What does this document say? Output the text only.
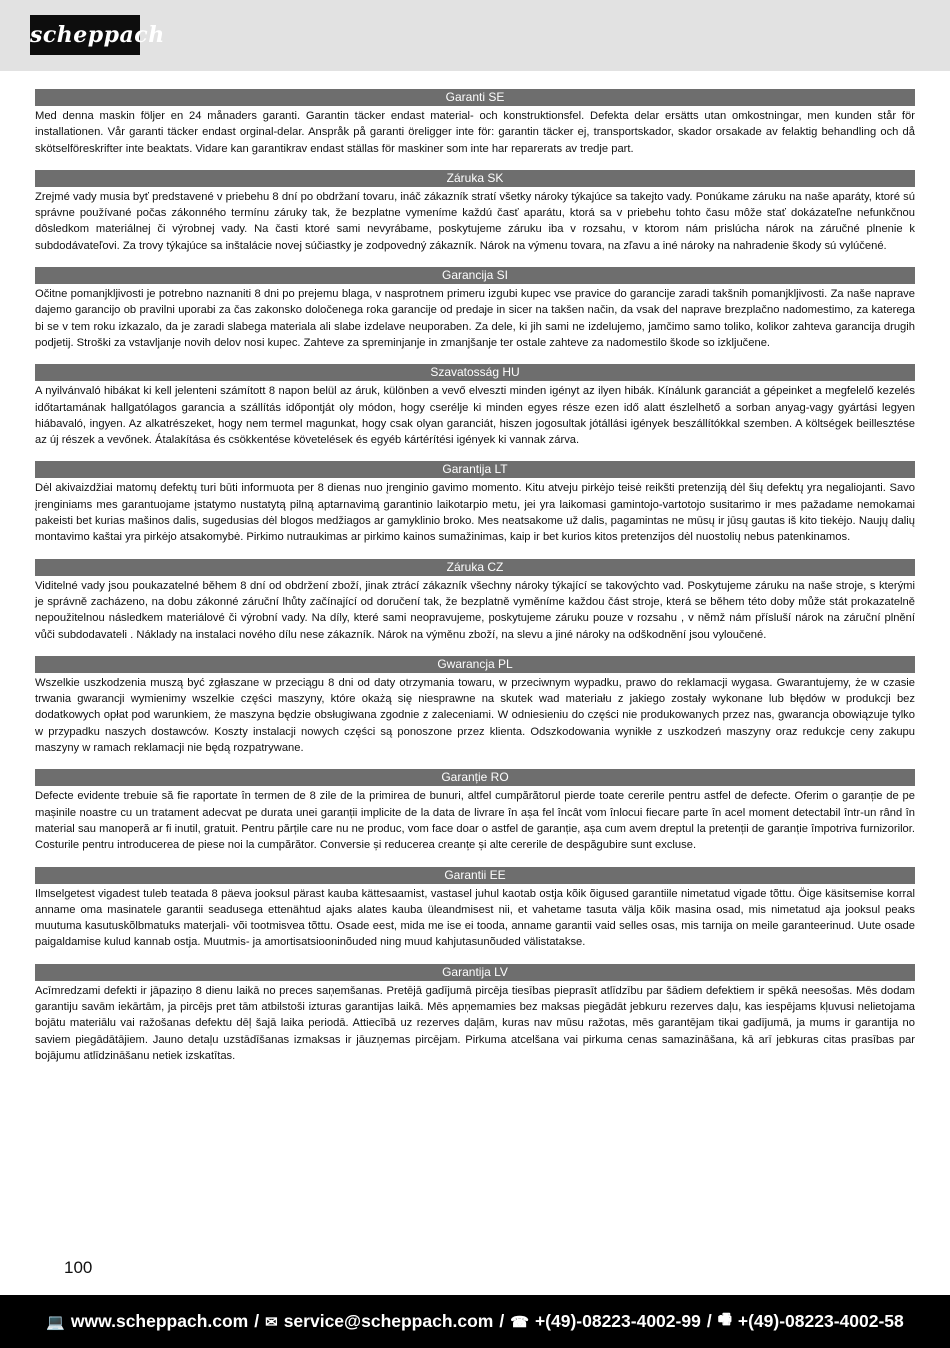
scheppach
Garanti SE
Med denna maskin följer en 24 månaders garanti. Garantin täcker endast material- och konstruktionsfel. Defekta delar ersätts utan omkostningar, men kunden står för installationen. Vår garanti täcker endast orginal-delar. Anspråk på garanti öreligger inte för: garantin täcker ej, transportskador, skador orsakade av felaktig behandling och då skötselföreskrifter inte beaktats. Vidare kan garantikrav endast ställas för maskiner som inte har reparerats av tredje part.
Záruka SK
Zrejmé vady musia byť predstavené v priebehu 8 dní po obdržaní tovaru, ináč zákazník stratí všetky nároky týkajúce sa takejto vady. Ponúkame záruku na naše aparáty, ktoré sú správne používané počas zákonného termínu záruky tak, že bezplatne vymeníme každú časť aparátu, ktorá sa v priebehu tohto času môže stať dokázateľne nefunkčnou dôsledkom materiálnej či výrobnej vady. Na časti ktoré sami nevyrábame, poskytujeme záruku iba v rozsahu, v ktorom nám prislúcha nárok na záručné plnenie k subdodávateľovi. Za trovy týkajúce sa inštalácie novej súčiastky je zodpovedný zákazník. Nárok na výmenu tovara, na zľavu a iné nároky na nahradenie škody sú vylúčené.
Garancija SI
Očitne pomanjkljivosti je potrebno naznaniti 8 dni po prejemu blaga, v nasprotnem primeru izgubi kupec vse pravice do garancije zaradi takšnih pomanjkljivosti. Za naše naprave dajemo garancijo ob pravilni uporabi za čas zakonsko določenega roka garancije od predaje in sicer na takšen način, da vsak del naprave brezplačno nadomestimo, za katerega bi se v tem roku izkazalo, da je zaradi slabega materiala ali slabe izdelave neuporaben. Za dele, ki jih sami ne izdelujemo, jamčimo samo toliko, kolikor zahteva garancija drugih podjetij. Stroški za vstavljanje novih delov nosi kupec. Zahteve za spreminjanje in zmanjšanje ter ostale zahteve za nadomestilo škode so izključene.
Szavatosság HU
A nyilvánvaló hibákat ki kell jelenteni számított 8 napon belül az áruk, különben a vevő elveszti minden igényt az ilyen hibák. Kínálunk garanciát a gépeinket a megfelelő kezelés időtartamának hallgatólagos garancia a szállítás időpontját oly módon, hogy cserélje ki minden egyes része ezen idő alatt észlelhető a sorban anyag-vagy gyártási legyen hiábavaló, ingyen. Az alkatrészeket, hogy nem termel magunkat, hogy csak olyan garanciát, hiszen jogosultak jótállási igények beszállítókkal szemben. A költségek beillesztése az új részek a vevőnek. Átalakítása és csökkentése követelések és egyéb kártérítési igények ki vannak zárva.
Garantija LT
Dėl akivaizdžiai matomų defektų turi būti informuota per 8 dienas nuo įrenginio gavimo momento. Kitu atveju pirkėjo teisė reikšti pretenziją dėl šių defektų yra negaliojanti. Savo įrenginiams mes garantuojame įstatymo nustatytą pilną aptarnavimą garantinio laikotarpio metu, jei yra laikomasi gamintojo-vartotojo susitarimo ir mes pažadame nemokamai pakeisti bet kurias mašinos dalis, sugedusias dėl blogos medžiagos ar gamyklinio broko. Mes neatsakome už dalis, pagamintas ne mūsų ir jūsų gautas iš kito tiekėjo. Naujų dalių montavimo kaštai yra pirkėjo atsakomybė. Pirkimo nutraukimas ar pirkimo kainos sumažinimas, kaip ir bet kurios kitos pretenzijos dėl nuostolių nebus patenkinamos.
Záruka CZ
Viditelné vady jsou poukazatelné během 8 dní od obdržení zboží, jinak ztrácí zákazník všechny nároky týkající se takovýchto vad. Poskytujeme záruku na naše stroje, s kterými je správně zacházeno, na dobu zákonné záruční lhůty začínající od doručení tak, že bezplatně vyměníme každou část stroje, která se během této doby může stát prokazatelně nepoužitelnou následkem materiálové či výrobní vady. Na díly, které sami neopravujeme, poskytujeme záruku pouze v rozsahu , v němž nám přísluší nárok na záruční plnění vůči subdodavateli . Náklady na instalaci nového dílu nese zákazník. Nárok na výměnu zboží, na slevu a jiné nároky na odškodnění jsou vyloučené.
Gwarancja PL
Wszelkie uszkodzenia muszą być zgłaszane w przeciągu 8 dni od daty otrzymania towaru, w przeciwnym wypadku, prawo do reklamacji wygasa. Gwarantujemy, że w czasie trwania gwarancji wymienimy wszelkie części maszyny, które okażą się niesprawne na skutek wad materiału z jakiego zostały wykonane lub błędów w produkcji bez dodatkowych opłat pod warunkiem, że maszyna będzie obsługiwana zgodnie z zaleceniami. W odniesieniu do części nie produkowanych przez nas, gwarancja obowiązuje tylko w przypadku naszych dostawców. Koszty instalacji nowych części są ponoszone przez klienta. Odszkodowania wynikłe z uszkodzeń maszyny oraz redukcje ceny zakupu maszyny w ramach reklamacji nie będą rozpatrywane.
Garanție RO
Defecte evidente trebuie să fie raportate în termen de 8 zile de la primirea de bunuri, altfel cumpărătorul pierde toate cererile pentru astfel de defecte. Oferim o garanție de pe mașinile noastre cu un tratament adecvat pe durata unei garanții implicite de la data de livrare în așa fel încât vom înlocui fiecare parte în acel moment detectabil într-un rând în material sau manoperă ar fi inutil, gratuit. Pentru părțile care nu ne produc, vom face doar o astfel de garanție, așa cum avem dreptul la pretenții de garanție împotriva furnizorilor. Costurile pentru introducerea de piese noi la cumpărător. Conversie și reducerea creanțe și alte cererile de despăgubire sunt excluse.
Garantii EE
Ilmselgetest vigadest tuleb teatada 8 päeva jooksul pärast kauba kättesaamist, vastasel juhul kaotab ostja kõik õigused garantiile nimetatud vigade tõttu. Öige käsitsemise korral anname oma masinatele garantii seadusega ettenähtud ajaks alates kauba üleandmisest nii, et vahetame tasuta välja kõik masina osad, mis nimetatud aja jooksul peaks muutuma kasutuskõlbmatuks materjali- või tootmisvea tõttu. Osade eest, mida me ise ei tooda, anname garantii vaid selles osas, mis tarnija on meile garanteerinud. Uute osade paigaldamise kulud kannab ostja. Muutmis- ja amortisatsiooninõuded ning muud kahjutasunõuded välistatakse.
Garantija LV
Acīmredzami defekti ir jāpaziņo 8 dienu laikā no preces saņemšanas. Pretējā gadījumā pircēja tiesības pieprasīt atlīdzību par šādiem defektiem ir spēkā neesošas. Mēs dodam garantiju savām iekārtām, ja pircējs pret tām atbilstoši izturas garantijas laikā. Mēs apņemamies bez maksas piegādāt jebkuru rezerves daļu, kas iespējams kļuvusi nelietojama bojātu materiālu vai ražošanas defektu dēļ šajā laika periodā. Attiecībā uz rezerves daļām, kuras nav mūsu ražotas, mēs garantējam tikai gadījumā, ja mums ir garantija no saviem piegādātājiem. Jauno detaļu uzstādīšanas izmaksas ir jāuzņemas pircējam. Pirkuma atcelšana vai pirkuma cenas samazināšana, kā arī jebkuras citas prasības par bojājumu atlīdzināšanu netiek izskatītas.
100
💻 www.scheppach.com / ✉ service@scheppach.com / ☎ +(49)-08223-4002-99 / 🖷 +(49)-08223-4002-58
